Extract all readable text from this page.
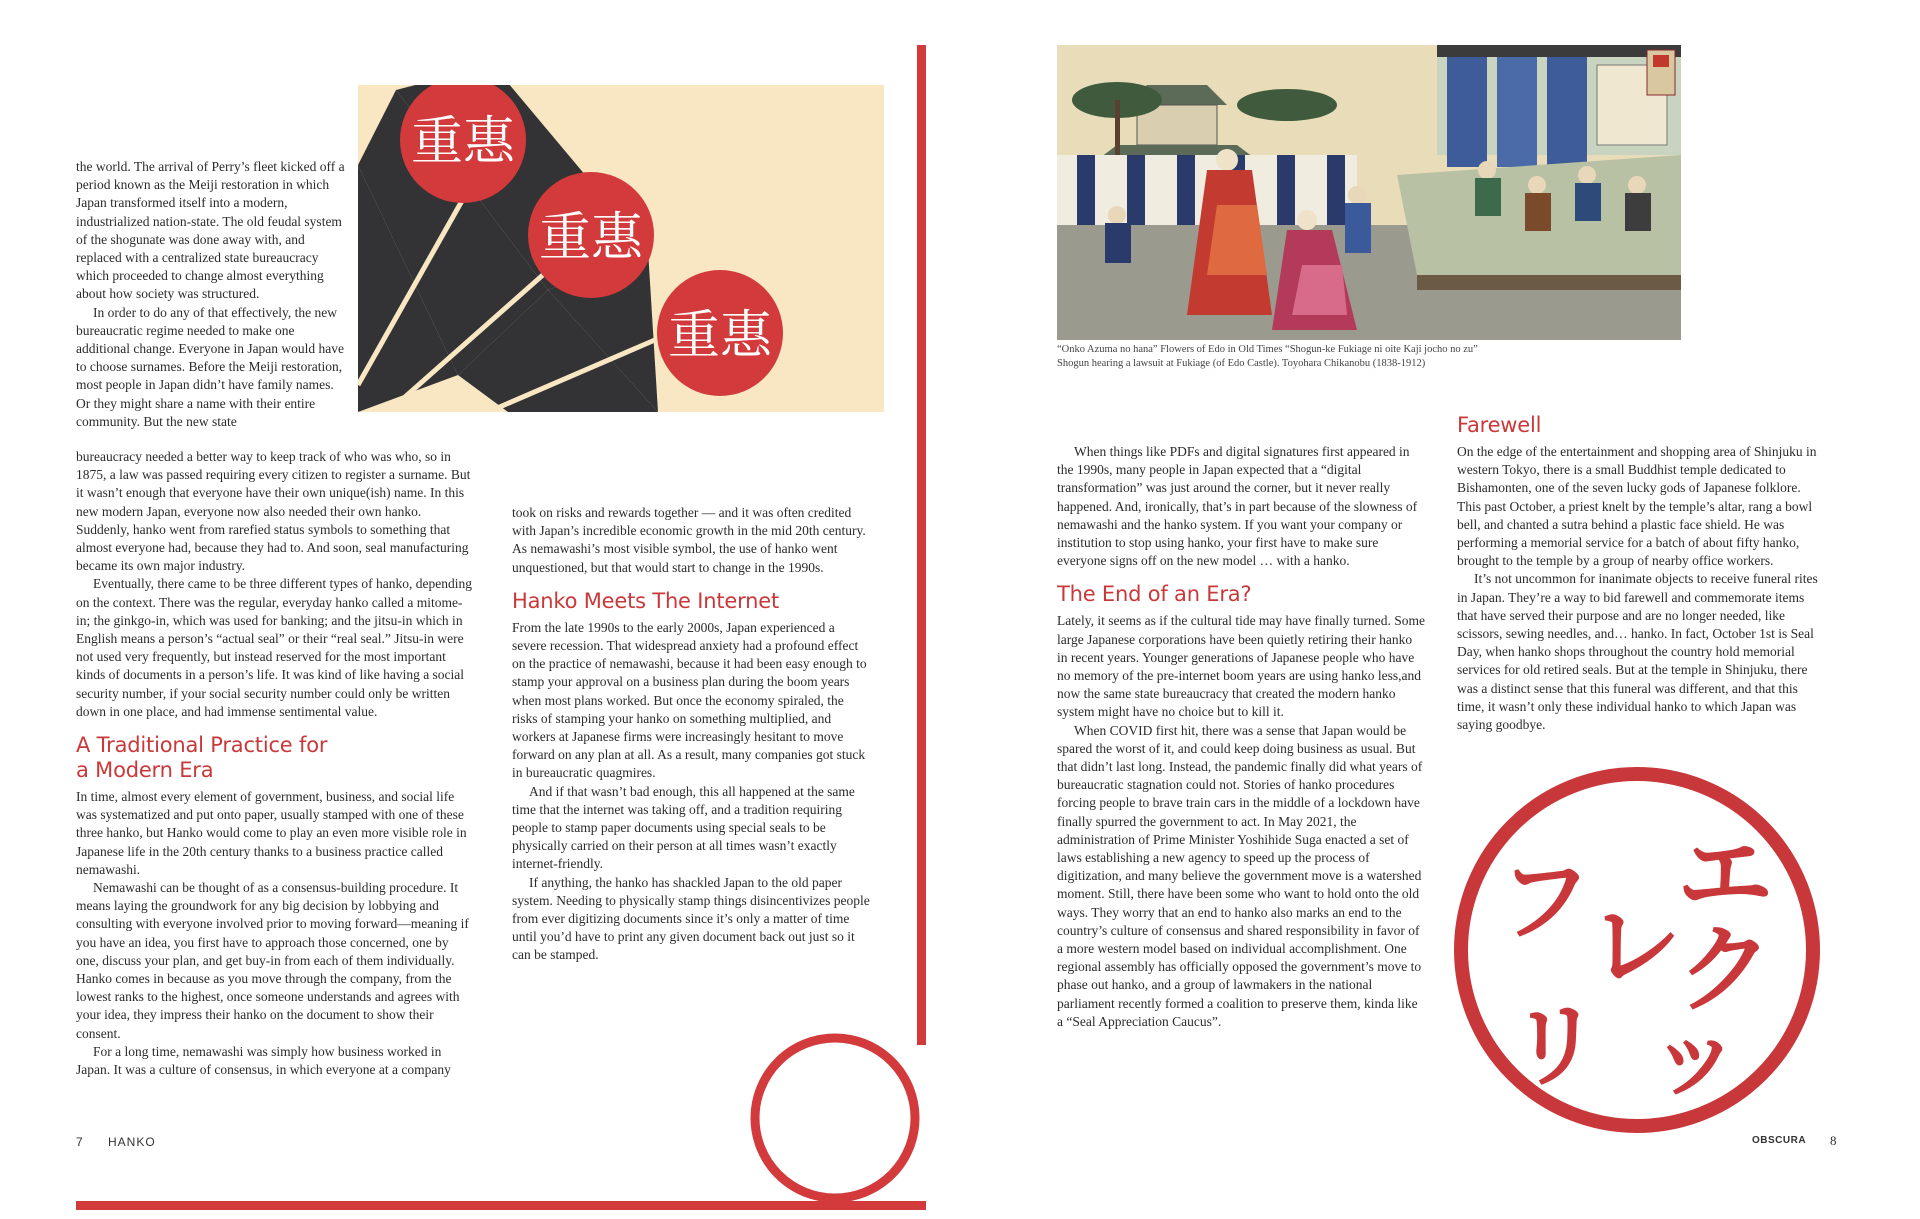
重惠
重惠
重惠

the world. The arrival of Perry’s fleet kicked off a period known as the Meiji restoration in which Japan transformed itself into a modern, industrialized nation-state. The old feudal system of the shogunate was done away with, and replaced with a centralized state bureaucracy which proceeded to change almost everything about how society was structured.

In order to do any of that effectively, the new bureaucratic regime needed to make one additional change. Everyone in Japan would have to choose surnames. Before the Meiji restoration, most people in Japan didn’t have family names. Or they might share a name with their entire community. But the new state

bureaucracy needed a better way to keep track of who was who, so in 1875, a law was passed requiring every citizen to register a surname. But it wasn’t enough that everyone have their own unique(ish) name. In this new modern Japan, everyone now also needed their own hanko. Suddenly, hanko went from rarefied status symbols to something that almost everyone had, because they had to. And soon, seal manufacturing became its own major industry.

Eventually, there came to be three different types of hanko, depending on the context. There was the regular, everyday hanko called a mitome-in; the ginkgo-in, which was used for banking; and the jitsu-in which in English means a person’s “actual seal” or their “real seal.” Jitsu-in were not used very frequently, but instead reserved for the most important kinds of documents in a person’s life. It was kind of like having a social security number, if your social security number could only be written down in one place, and had immense sentimental value.

A Traditional Practice for a Modern Era

In time, almost every element of government, business, and social life was systematized and put onto paper, usually stamped with one of these three hanko, but Hanko would come to play an even more visible role in Japanese life in the 20th century thanks to a business practice called nemawashi.

Nemawashi can be thought of as a consensus-building procedure. It means laying the groundwork for any big decision by lobbying and consulting with everyone involved prior to moving forward—meaning if you have an idea, you first have to approach those concerned, one by one, discuss your plan, and get buy-in from each of them individually. Hanko comes in because as you move through the company, from the lowest ranks to the highest, once someone understands and agrees with your idea, they impress their hanko on the document to show their consent.

For a long time, nemawashi was simply how business worked in Japan. It was a culture of consensus, in which everyone at a company

took on risks and rewards together — and it was often credited with Japan’s incredible economic growth in the mid 20th century. As nemawashi’s most visible symbol, the use of hanko went unquestioned, but that would start to change in the 1990s.

Hanko Meets The Internet

From the late 1990s to the early 2000s, Japan experienced a severe recession. That widespread anxiety had a profound effect on the practice of nemawashi, because it had been easy enough to stamp your approval on a business plan during the boom years when most plans worked. But once the economy spiraled, the risks of stamping your hanko on something multiplied, and workers at Japanese firms were increasingly hesitant to move forward on any plan at all. As a result, many companies got stuck in bureaucratic quagmires.

And if that wasn’t bad enough, this all happened at the same time that the internet was taking off, and a tradition requiring people to stamp paper documents using special seals to be physically carried on their person at all times wasn’t exactly internet-friendly.

If anything, the hanko has shackled Japan to the old paper system. Needing to physically stamp things disincentivizes people from ever digitizing documents since it’s only a matter of time until you’d have to print any given document back out just so it can be stamped.

7 HANKO
“Onko Azuma no hana” Flowers of Edo in Old Times “Shogun-ke Fukiage ni oite Kaji jocho no zu”
Shogun hearing a lawsuit at Fukiage (of Edo Castle). Toyohara Chikanobu (1838-1912)

When things like PDFs and digital signatures first appeared in the 1990s, many people in Japan expected that a “digital transformation” was just around the corner, but it never really happened. And, ironically, that’s in part because of the slowness of nemawashi and the hanko system. If you want your company or institution to stop using hanko, your first have to make sure everyone signs off on the new model … with a hanko.

The End of an Era?

Lately, it seems as if the cultural tide may have finally turned. Some large Japanese corporations have been quietly retiring their hanko in recent years. Younger generations of Japanese people who have no memory of the pre-internet boom years are using hanko less,and now the same state bureaucracy that created the modern hanko system might have no choice but to kill it.

When COVID first hit, there was a sense that Japan would be spared the worst of it, and could keep doing business as usual. But that didn’t last long. Instead, the pandemic finally did what years of bureaucratic stagnation could not. Stories of hanko procedures forcing people to brave train cars in the middle of a lockdown have finally spurred the government to act. In May 2021, the administration of Prime Minister Yoshihide Suga enacted a set of laws establishing a new agency to speed up the process of digitization, and many believe the government move is a watershed moment. Still, there have been some who want to hold onto the old ways. They worry that an end to hanko also marks an end to the country’s culture of consensus and shared responsibility in favor of a more western model based on individual accomplishment. One regional assembly has officially opposed the government’s move to phase out hanko, and a group of lawmakers in the national parliament recently formed a coalition to preserve them, kinda like a “Seal Appreciation Caucus”.

Farewell

On the edge of the entertainment and shopping area of Shinjuku in western Tokyo, there is a small Buddhist temple dedicated to Bishamonten, one of the seven lucky gods of Japanese folklore. This past October, a priest knelt by the temple’s altar, rang a bowl bell, and chanted a sutra behind a plastic face shield. He was performing a memorial service for a batch of about fifty hanko, brought to the temple by a group of nearby office workers.

It’s not uncommon for inanimate objects to receive funeral rites in Japan. They’re a way to bid farewell and commemorate items that have served their purpose and are no longer needed, like scissors, sewing needles, and… hanko. In fact, October 1st is Seal Day, when hanko shops throughout the country hold memorial services for old retired seals. But at the temple in Shinjuku, there was a distinct sense that this funeral was different, and that this time, it wasn’t only these individual hanko to which Japan was saying goodbye.

エ
ク
フ
レ
リ ッ
OBSCURA 8
